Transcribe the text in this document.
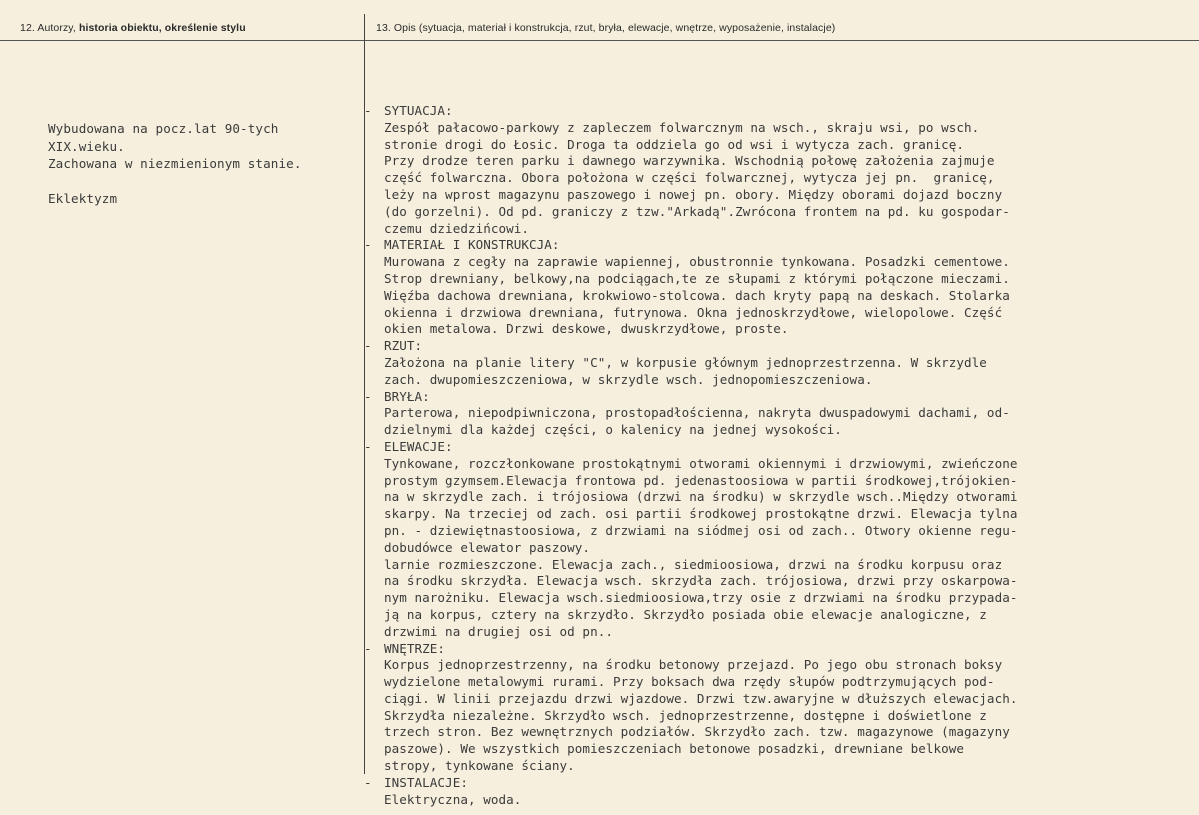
12. Autorzy, historia obiektu, określenie stylu	13. Opis (sytuacja, materiał i konstrukcja, rzut, bryła, elewacje, wnętrze, wyposażenie, instalacje)
Wybudowana na pocz.lat 90-tych
XIX.wieku.
Zachowana w niezmienionym stanie.
Eklektyzm
- SYTUACJA:
Zespół pałacowo-parkowy z zapleczem folwarcznym na wsch., skraju wsi, po wsch.
stronie drogi do Łosic. Droga ta oddziela go od wsi i wytycza zach. granicę.
Przy drodze teren parku i dawnego warzywnika. Wschodnią połowę założenia zajmuje
część folwarczna. Obora położona w części folwarcznej, wytycza jej pn.  granicę,
leży na wprost magazynu paszowego i nowej pn. obory. Między oborami dojazd boczny
(do gorzelni). Od pd. graniczy z tzw."Arkadą".Zwrócona frontem na pd. ku gospodar-
czemu dziedzińcowi.
- MATERIAŁ I KONSTRUKCJA:
Murowana z cegły na zaprawie wapiennej, obustronnie tynkowana. Posadzki cementowe.
Strop drewniany, belkowy,na podciągach,te ze słupami z którymi połączone mieczami.
Więźba dachowa drewniana, krokwiowo-stolcowa. dach kryty papą na deskach. Stolarka
okienna i drzwiowa drewniana, futrynowa. Okna jednoskrzydłowe, wielopolowe. Część
okien metalowa. Drzwi deskowe, dwuskrzydłowe, proste.
- RZUT:
Założona na planie litery "C", w korpusie głównym jednoprzestrzenna. W skrzydle
zach. dwupomieszczeniowa, w skrzydle wsch. jednopomieszczeniowa.
- BRYŁA:
Parterowa, niepodpiwniczona, prostopadłościenna, nakryta dwuspadowymi dachami, od-
dzielnymi dla każdej części, o kalenicy na jednej wysokości.
- ELEWACJE:
Tynkowane, rozczłonkowane prostokątnymi otworami okiennymi i drzwiowymi, zwieńczone
prostym gzymsem.Elewacja frontowa pd. jedenastoosiowa w partii środkowej,trójokien-
na w skrzydle zach. i trójosiowa (drzwi na środku) w skrzydle wsch..Między otworami
skarpy. Na trzeciej od zach. osi partii środkowej prostokątne drzwi. Elewacja tylna
pn. - dziewiętnastoosiowa, z drzwiami na siódmej osi od zach.. Otwory okienne regu-
dobudówce elewator paszowy.
larnie rozmieszczone. Elewacja zach., siedmioosiowa, drzwi na środku korpusu oraz
na środku skrzydła. Elewacja wsch. skrzydła zach. trójosiowa, drzwi przy oskarpowa-
nym narożniku. Elewacja wsch.siedmioosiowa,trzy osie z drzwiami na środku przypada-
ją na korpus, cztery na skrzydło. Skrzydło posiada obie elewacje analogiczne, z
drzwimi na drugiej osi od pn..
- WNĘTRZE:
Korpus jednoprzestrzenny, na środku betonowy przejazd. Po jego obu stronach boksy
wydzielone metalowymi rurami. Przy boksach dwa rzędy słupów podtrzymujących pod-
ciągi. W linii przejazdu drzwi wjazdowe. Drzwi tzw.awaryjne w dłuższych elewacjach.
Skrzydła niezależne. Skrzydło wsch. jednoprzestrzenne, dostępne i doświetlone z
trzech stron. Bez wewnętrznych podziałów. Skrzydło zach. tzw. magazynowe (magazyny
paszowe). We wszystkich pomieszczeniach betonowe posadzki, drewniane belkowe
stropy, tynkowane ściany.
- INSTALACJE:
Elektryczna, woda.
